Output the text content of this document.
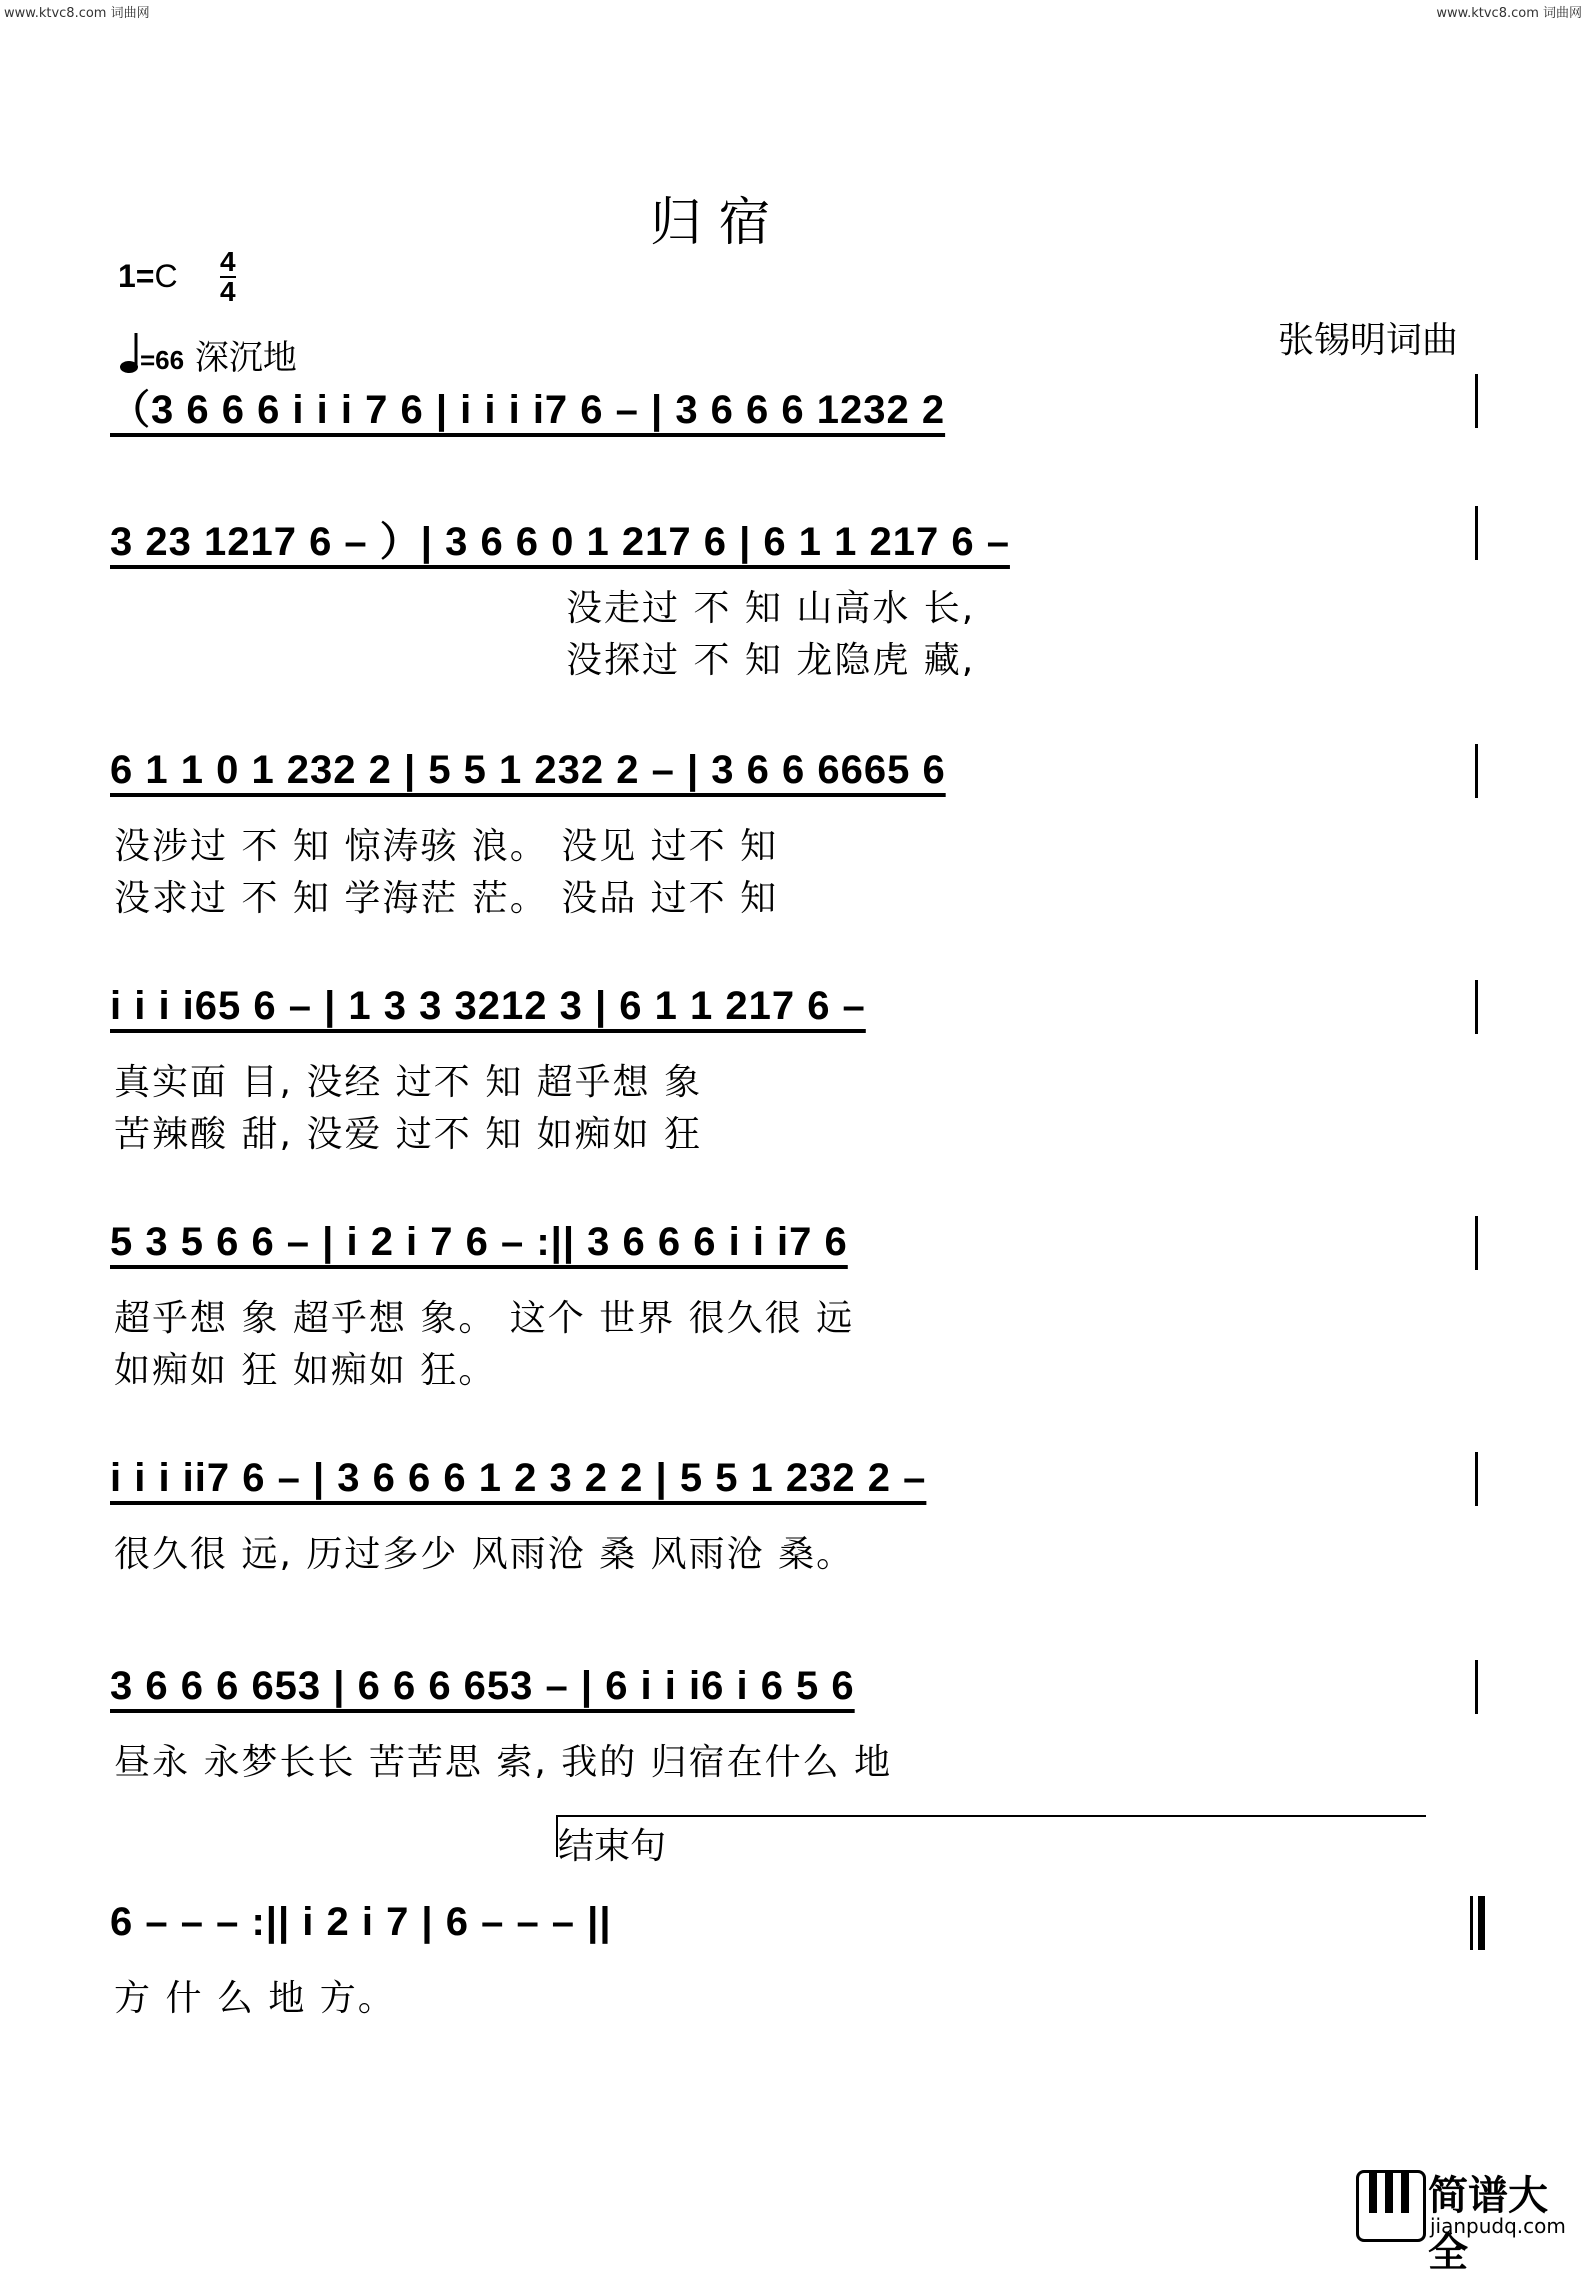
www.ktvc8.com 词曲网	www.ktvc8.com 词曲网
归 宿
1=C 4
4
=66 深沉地	张锡明词曲
（3 6 6 6 i i i 7 6 | i i i i7 6 – | 3 6 6 6 1232 2
3 23 1217 6 – ）| 3 6 6 0 1 217 6 | 6 1 1 217 6 –
没走过 不 知 山高水 长,
没探过 不 知 龙隐虎 藏,
6 1 1 0 1 232 2 | 5 5 1 232 2 – | 3 6 6 6665 6
没涉过 不 知 惊涛骇 浪。 没见 过不 知
没求过 不 知 学海茫 茫。 没品 过不 知
i i i i65 6 – | 1 3 3 3212 3 | 6 1 1 217 6 –
真实面 目, 没经 过不 知 超乎想 象
苦辣酸 甜, 没爱 过不 知 如痴如 狂
5 3 5 6 6 – | i 2 i 7 6 – :|| 3 6 6 6 i i i7 6
超乎想 象 超乎想 象。 这个 世界 很久很 远
如痴如 狂 如痴如 狂。
i i i ii7 6 – | 3 6 6 6 1 2 3 2 2 | 5 5 1 232 2 –
很久很 远, 历过多少 风雨沧 桑 风雨沧 桑。
3 6 6 6 653 | 6 6 6 653 – | 6 i i i6 i 6 5 6
昼永 永梦长长 苦苦思 索, 我的 归宿在什么 地
结束句
6 – – – :|| i 2 i 7 | 6 – – – ||
方 什 么 地 方。
简谱大全
jianpudq.com
